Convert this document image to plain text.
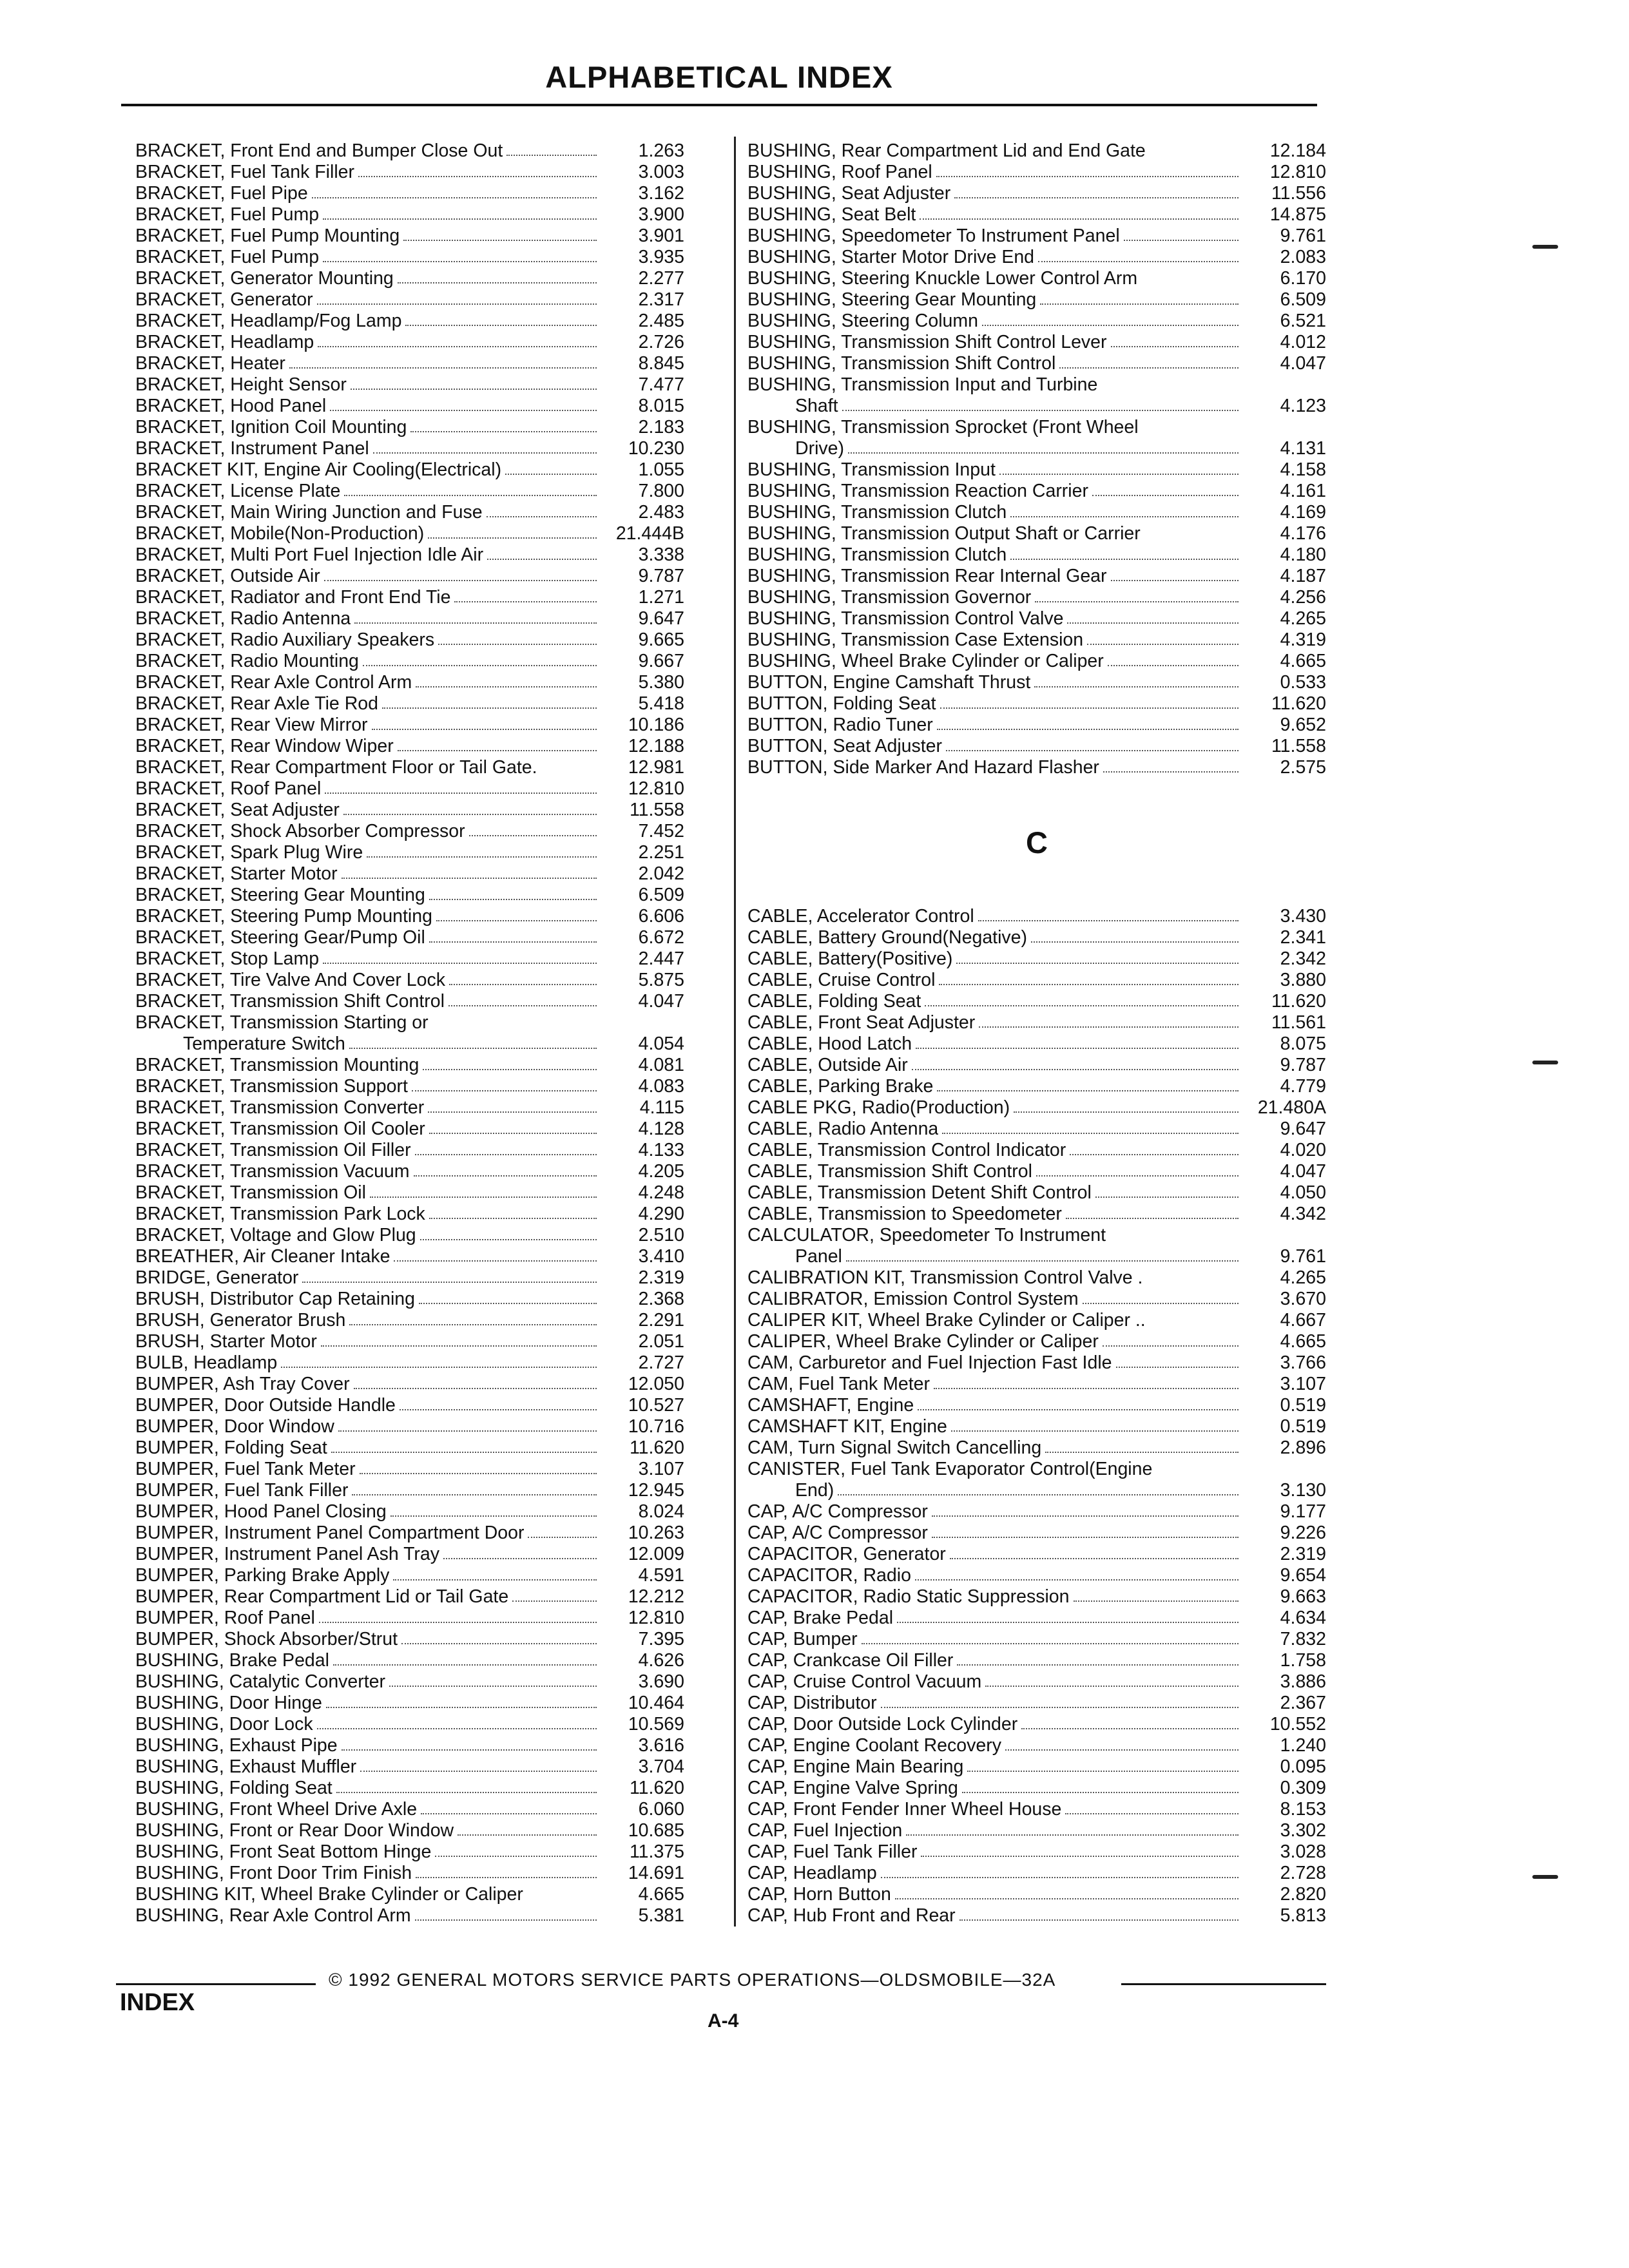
ALPHABETICAL INDEX
BRACKET, Front End and Bumper Close Out	1.263
BRACKET, Fuel Tank Filler	3.003
BRACKET, Fuel Pipe	3.162
BRACKET, Fuel Pump	3.900
BRACKET, Fuel Pump Mounting	3.901
BRACKET, Fuel Pump	3.935
BRACKET, Generator Mounting	2.277
BRACKET, Generator	2.317
BRACKET, Headlamp/Fog Lamp	2.485
BRACKET, Headlamp	2.726
BRACKET, Heater	8.845
BRACKET, Height Sensor	7.477
BRACKET, Hood Panel	8.015
BRACKET, Ignition Coil Mounting	2.183
BRACKET, Instrument Panel	10.230
BRACKET KIT, Engine Air Cooling(Electrical)	1.055
BRACKET, License Plate	7.800
BRACKET, Main Wiring Junction and Fuse	2.483
BRACKET, Mobile(Non-Production)	21.444B
BRACKET, Multi Port Fuel Injection Idle Air	3.338
BRACKET, Outside Air	9.787
BRACKET, Radiator and Front End Tie	1.271
BRACKET, Radio Antenna	9.647
BRACKET, Radio Auxiliary Speakers	9.665
BRACKET, Radio Mounting	9.667
BRACKET, Rear Axle Control Arm	5.380
BRACKET, Rear Axle Tie Rod	5.418
BRACKET, Rear View Mirror	10.186
BRACKET, Rear Window Wiper	12.188
BRACKET, Rear Compartment Floor or Tail Gate.	12.981
BRACKET, Roof Panel	12.810
BRACKET, Seat Adjuster	11.558
BRACKET, Shock Absorber Compressor	7.452
BRACKET, Spark Plug Wire	2.251
BRACKET, Starter Motor	2.042
BRACKET, Steering Gear Mounting	6.509
BRACKET, Steering Pump Mounting	6.606
BRACKET, Steering Gear/Pump Oil	6.672
BRACKET, Stop Lamp	2.447
BRACKET, Tire Valve And Cover Lock	5.875
BRACKET, Transmission Shift Control	4.047
BRACKET, Transmission Starting or
Temperature Switch	4.054
BRACKET, Transmission Mounting	4.081
BRACKET, Transmission Support	4.083
BRACKET, Transmission Converter	4.115
BRACKET, Transmission Oil Cooler	4.128
BRACKET, Transmission Oil Filler	4.133
BRACKET, Transmission Vacuum	4.205
BRACKET, Transmission Oil	4.248
BRACKET, Transmission Park Lock	4.290
BRACKET, Voltage and Glow Plug	2.510
BREATHER, Air Cleaner Intake	3.410
BRIDGE, Generator	2.319
BRUSH, Distributor Cap Retaining	2.368
BRUSH, Generator Brush	2.291
BRUSH, Starter Motor	2.051
BULB, Headlamp	2.727
BUMPER, Ash Tray Cover	12.050
BUMPER, Door Outside Handle	10.527
BUMPER, Door Window	10.716
BUMPER, Folding Seat	11.620
BUMPER, Fuel Tank Meter	3.107
BUMPER, Fuel Tank Filler	12.945
BUMPER, Hood Panel Closing	8.024
BUMPER, Instrument Panel Compartment Door	10.263
BUMPER, Instrument Panel Ash Tray	12.009
BUMPER, Parking Brake Apply	4.591
BUMPER, Rear Compartment Lid or Tail Gate	12.212
BUMPER, Roof Panel	12.810
BUMPER, Shock Absorber/Strut	7.395
BUSHING, Brake Pedal	4.626
BUSHING, Catalytic Converter	3.690
BUSHING, Door Hinge	10.464
BUSHING, Door Lock	10.569
BUSHING, Exhaust Pipe	3.616
BUSHING, Exhaust Muffler	3.704
BUSHING, Folding Seat	11.620
BUSHING, Front Wheel Drive Axle	6.060
BUSHING, Front or Rear Door Window	10.685
BUSHING, Front Seat Bottom Hinge	11.375
BUSHING, Front Door Trim Finish	14.691
BUSHING KIT, Wheel Brake Cylinder or Caliper	4.665
BUSHING, Rear Axle Control Arm	5.381
BUSHING, Rear Compartment Lid and End Gate	12.184
BUSHING, Roof Panel	12.810
BUSHING, Seat Adjuster	11.556
BUSHING, Seat Belt	14.875
BUSHING, Speedometer To Instrument Panel	9.761
BUSHING, Starter Motor Drive End	2.083
BUSHING, Steering Knuckle Lower Control Arm	6.170
BUSHING, Steering Gear Mounting	6.509
BUSHING, Steering Column	6.521
BUSHING, Transmission Shift Control Lever	4.012
BUSHING, Transmission Shift Control	4.047
BUSHING, Transmission Input and Turbine
Shaft	4.123
BUSHING, Transmission Sprocket (Front Wheel
Drive)	4.131
BUSHING, Transmission Input	4.158
BUSHING, Transmission Reaction Carrier	4.161
BUSHING, Transmission Clutch	4.169
BUSHING, Transmission Output Shaft or Carrier	4.176
BUSHING, Transmission Clutch	4.180
BUSHING, Transmission Rear Internal Gear	4.187
BUSHING, Transmission Governor	4.256
BUSHING, Transmission Control Valve	4.265
BUSHING, Transmission Case Extension	4.319
BUSHING, Wheel Brake Cylinder or Caliper	4.665
BUTTON, Engine Camshaft Thrust	0.533
BUTTON, Folding Seat	11.620
BUTTON, Radio Tuner	9.652
BUTTON, Seat Adjuster	11.558
BUTTON, Side Marker And Hazard Flasher	2.575
C
CABLE, Accelerator Control	3.430
CABLE, Battery Ground(Negative)	2.341
CABLE, Battery(Positive)	2.342
CABLE, Cruise Control	3.880
CABLE, Folding Seat	11.620
CABLE, Front Seat Adjuster	11.561
CABLE, Hood Latch	8.075
CABLE, Outside Air	9.787
CABLE, Parking Brake	4.779
CABLE PKG, Radio(Production)	21.480A
CABLE, Radio Antenna	9.647
CABLE, Transmission Control Indicator	4.020
CABLE, Transmission Shift Control	4.047
CABLE, Transmission Detent Shift Control	4.050
CABLE, Transmission to Speedometer	4.342
CALCULATOR, Speedometer To Instrument
Panel	9.761
CALIBRATION KIT, Transmission Control Valve .	4.265
CALIBRATOR, Emission Control System	3.670
CALIPER KIT, Wheel Brake Cylinder or Caliper ..	4.667
CALIPER, Wheel Brake Cylinder or Caliper	4.665
CAM, Carburetor and Fuel Injection Fast Idle	3.766
CAM, Fuel Tank Meter	3.107
CAMSHAFT, Engine	0.519
CAMSHAFT KIT, Engine	0.519
CAM, Turn Signal Switch Cancelling	2.896
CANISTER, Fuel Tank Evaporator Control(Engine
End)	3.130
CAP, A/C Compressor	9.177
CAP, A/C Compressor	9.226
CAPACITOR, Generator	2.319
CAPACITOR, Radio	9.654
CAPACITOR, Radio Static Suppression	9.663
CAP, Brake Pedal	4.634
CAP, Bumper	7.832
CAP, Crankcase Oil Filler	1.758
CAP, Cruise Control Vacuum	3.886
CAP, Distributor	2.367
CAP, Door Outside Lock Cylinder	10.552
CAP, Engine Coolant Recovery	1.240
CAP, Engine Main Bearing	0.095
CAP, Engine Valve Spring	0.309
CAP, Front Fender Inner Wheel House	8.153
CAP, Fuel Injection	3.302
CAP, Fuel Tank Filler	3.028
CAP, Headlamp	2.728
CAP, Horn Button	2.820
CAP, Hub Front and Rear	5.813
© 1992 GENERAL MOTORS SERVICE PARTS OPERATIONS—OLDSMOBILE—32A
INDEX
A-4
